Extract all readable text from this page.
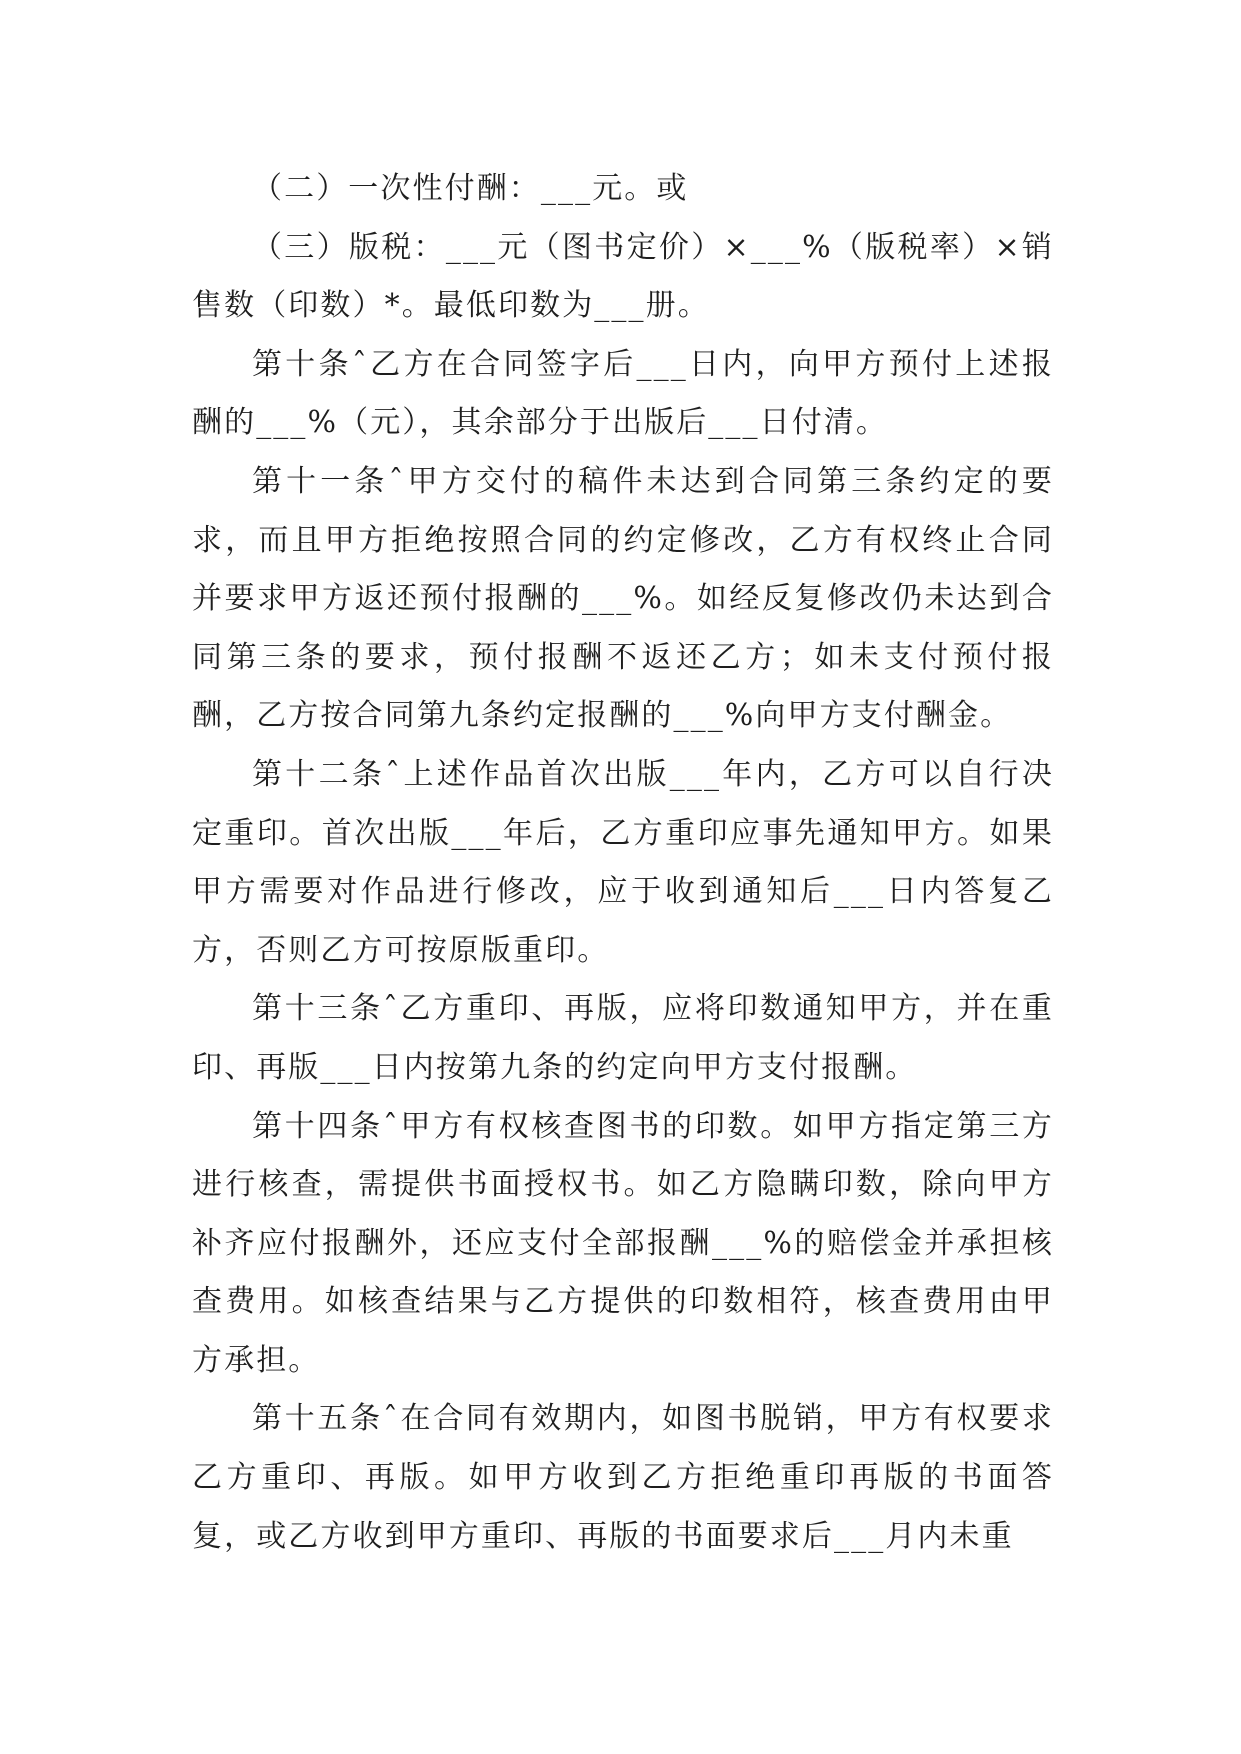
（二）一次性付酬：___元。或

（三）版税：___元（图书定价）×___%（版税率）×销售数（印数）*。最低印数为___册。

第十条ˆ乙方在合同签字后___日内，向甲方预付上述报酬的___%（元），其余部分于出版后___日付清。

第十一条ˆ甲方交付的稿件未达到合同第三条约定的要求，而且甲方拒绝按照合同的约定修改，乙方有权终止合同并要求甲方返还预付报酬的___%。如经反复修改仍未达到合同第三条的要求，预付报酬不返还乙方；如未支付预付报酬，乙方按合同第九条约定报酬的___%向甲方支付酬金。

第十二条ˆ上述作品首次出版___年内，乙方可以自行决定重印。首次出版___年后，乙方重印应事先通知甲方。如果甲方需要对作品进行修改，应于收到通知后___日内答复乙方，否则乙方可按原版重印。

第十三条ˆ乙方重印、再版，应将印数通知甲方，并在重印、再版___日内按第九条的约定向甲方支付报酬。

第十四条ˆ甲方有权核查图书的印数。如甲方指定第三方进行核查，需提供书面授权书。如乙方隐瞒印数，除向甲方补齐应付报酬外，还应支付全部报酬___%的赔偿金并承担核查费用。如核查结果与乙方提供的印数相符，核查费用由甲方承担。

第十五条ˆ在合同有效期内，如图书脱销，甲方有权要求乙方重印、再版。如甲方收到乙方拒绝重印再版的书面答复，或乙方收到甲方重印、再版的书面要求后___月内未重
